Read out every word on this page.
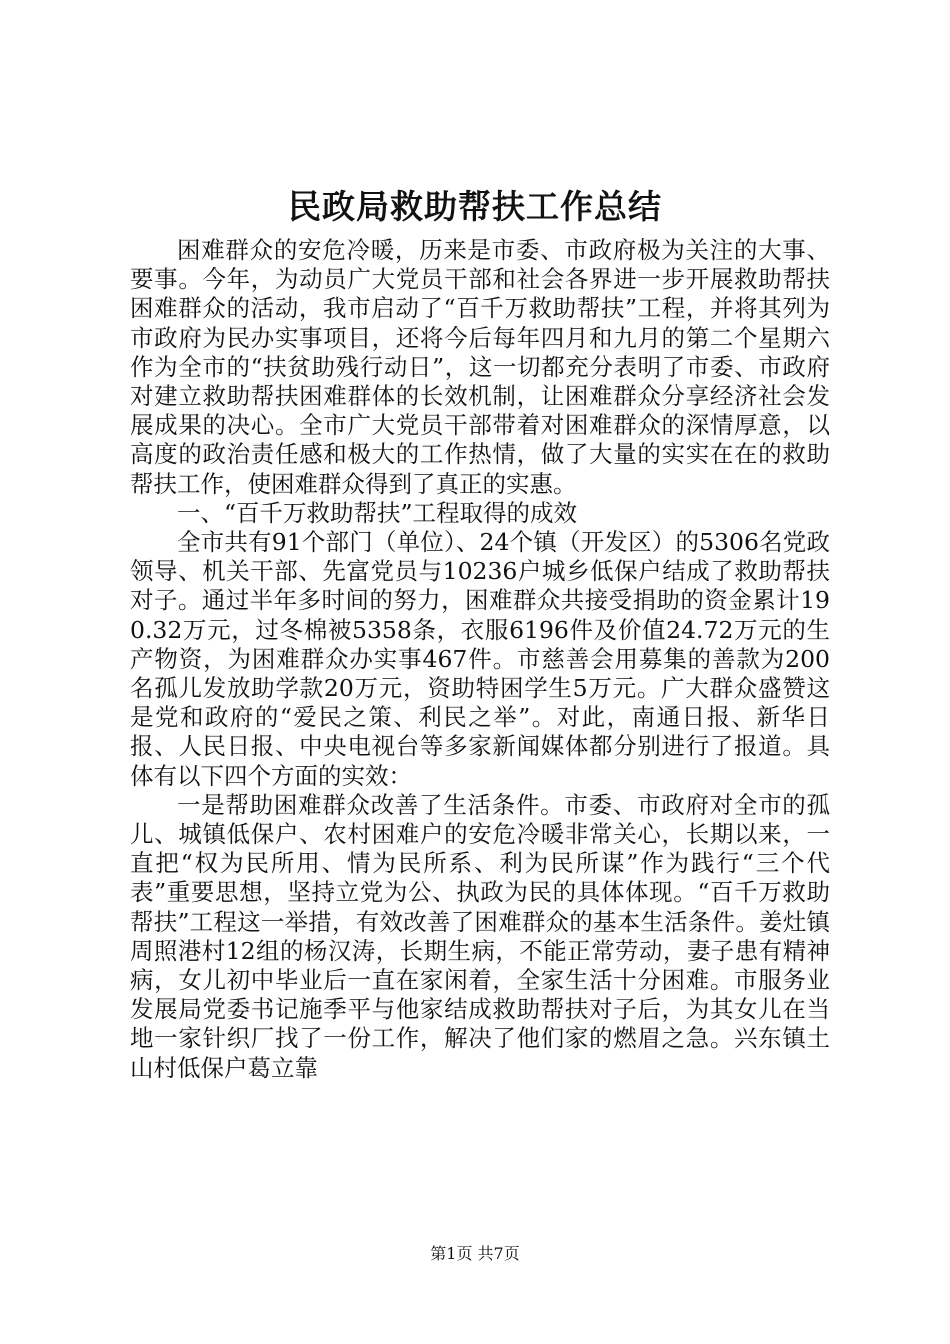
民政局救助帮扶工作总结

困难群众的安危冷暖，历来是市委、市政府极为关注的大事、要事。今年，为动员广大党员干部和社会各界进一步开展救助帮扶困难群众的活动，我市启动了“百千万救助帮扶”工程，并将其列为市政府为民办实事项目，还将今后每年四月和九月的第二个星期六作为全市的“扶贫助残行动日”，这一切都充分表明了市委、市政府对建立救助帮扶困难群体的长效机制，让困难群众分享经济社会发展成果的决心。全市广大党员干部带着对困难群众的深情厚意，以高度的政治责任感和极大的工作热情，做了大量的实实在在的救助帮扶工作，使困难群众得到了真正的实惠。

一、“百千万救助帮扶”工程取得的成效

全市共有91个部门（单位）、24个镇（开发区）的5306名党政领导、机关干部、先富党员与10236户城乡低保户结成了救助帮扶对子。通过半年多时间的努力，困难群众共接受捐助的资金累计190.32万元，过冬棉被5358条，衣服6196件及价值24.72万元的生产物资，为困难群众办实事467件。市慈善会用募集的善款为200名孤儿发放助学款20万元，资助特困学生5万元。广大群众盛赞这是党和政府的“爱民之策、利民之举”。对此，南通日报、新华日报、人民日报、中央电视台等多家新闻媒体都分别进行了报道。具体有以下四个方面的实效：

一是帮助困难群众改善了生活条件。市委、市政府对全市的孤儿、城镇低保户、农村困难户的安危冷暖非常关心，长期以来，一直把“权为民所用、情为民所系、利为民所谋”作为践行“三个代表”重要思想，坚持立党为公、执政为民的具体体现。“百千万救助帮扶”工程这一举措，有效改善了困难群众的基本生活条件。姜灶镇周照港村12组的杨汉涛，长期生病，不能正常劳动，妻子患有精神病，女儿初中毕业后一直在家闲着，全家生活十分困难。市服务业发展局党委书记施季平与他家结成救助帮扶对子后，为其女儿在当地一家针织厂找了一份工作，解决了他们家的燃眉之急。兴东镇土山村低保户葛立靠

第1页 共7页
